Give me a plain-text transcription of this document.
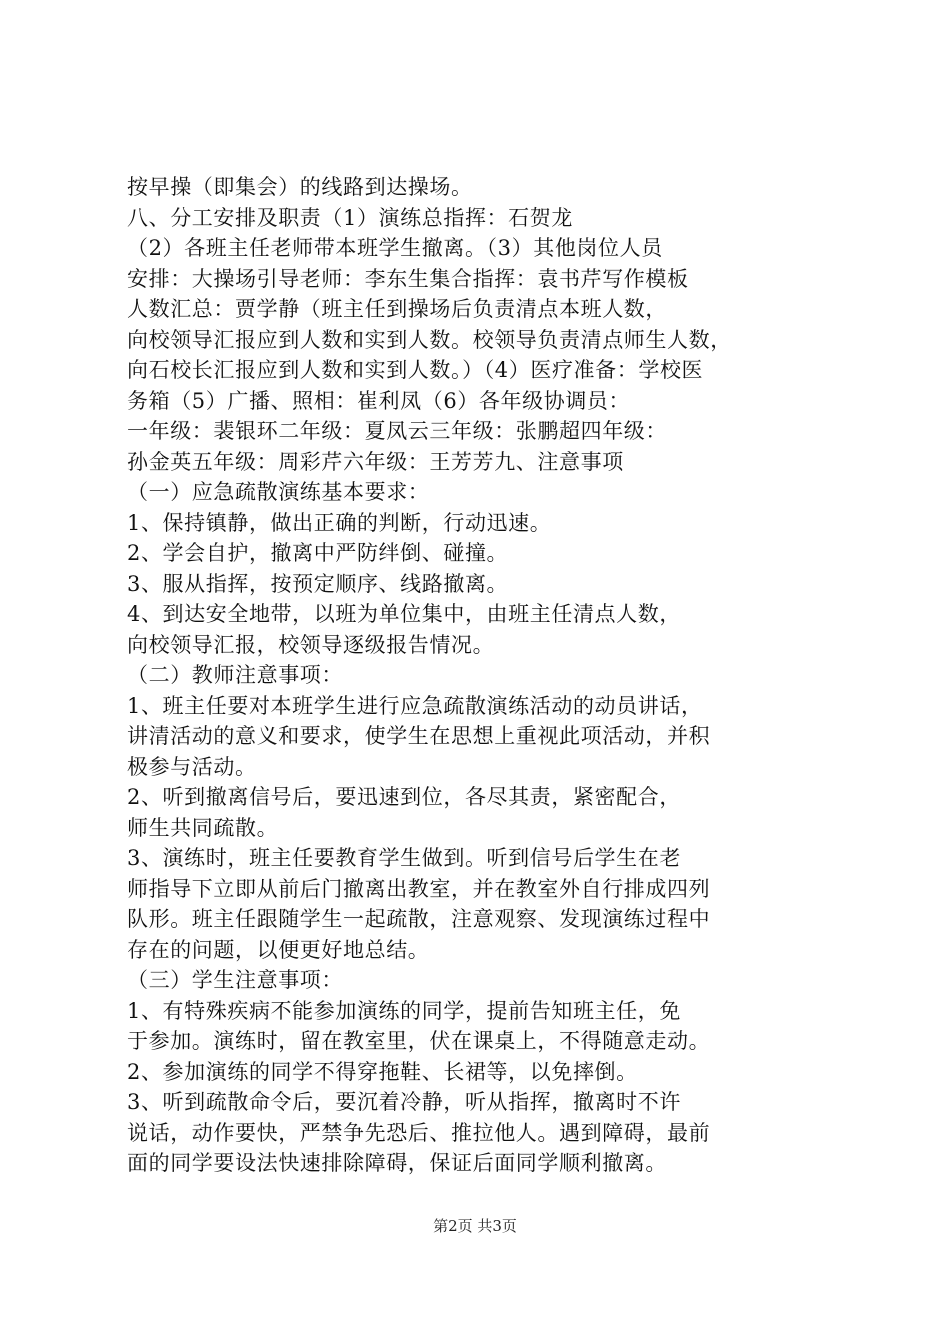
按早操（即集会）的线路到达操场。
八、分工安排及职责（1）演练总指挥：石贺龙
（2）各班主任老师带本班学生撤离。（3）其他岗位人员
安排：大操场引导老师：李东生集合指挥：袁书芹写作模板
人数汇总：贾学静（班主任到操场后负责清点本班人数，
向校领导汇报应到人数和实到人数。校领导负责清点师生人数，
向石校长汇报应到人数和实到人数。）（4）医疗准备：学校医
务箱（5）广播、照相：崔利凤（6）各年级协调员：
一年级：裴银环二年级：夏凤云三年级：张鹏超四年级：
孙金英五年级：周彩芹六年级：王芳芳九、注意事项
（一）应急疏散演练基本要求：
1、保持镇静，做出正确的判断，行动迅速。
2、学会自护，撤离中严防绊倒、碰撞。
3、服从指挥，按预定顺序、线路撤离。
4、到达安全地带，以班为单位集中，由班主任清点人数，
向校领导汇报，校领导逐级报告情况。
（二）教师注意事项：
1、班主任要对本班学生进行应急疏散演练活动的动员讲话，
讲清活动的意义和要求，使学生在思想上重视此项活动，并积
极参与活动。
2、听到撤离信号后，要迅速到位，各尽其责，紧密配合，
师生共同疏散。
3、演练时，班主任要教育学生做到。听到信号后学生在老
师指导下立即从前后门撤离出教室，并在教室外自行排成四列
队形。班主任跟随学生一起疏散，注意观察、发现演练过程中
存在的问题，以便更好地总结。
（三）学生注意事项：
1、有特殊疾病不能参加演练的同学，提前告知班主任，免
于参加。演练时，留在教室里，伏在课桌上，不得随意走动。
2、参加演练的同学不得穿拖鞋、长裙等，以免摔倒。
3、听到疏散命令后，要沉着冷静，听从指挥，撤离时不许
说话，动作要快，严禁争先恐后、推拉他人。遇到障碍，最前
面的同学要设法快速排除障碍，保证后面同学顺利撤离。
第2页 共3页
